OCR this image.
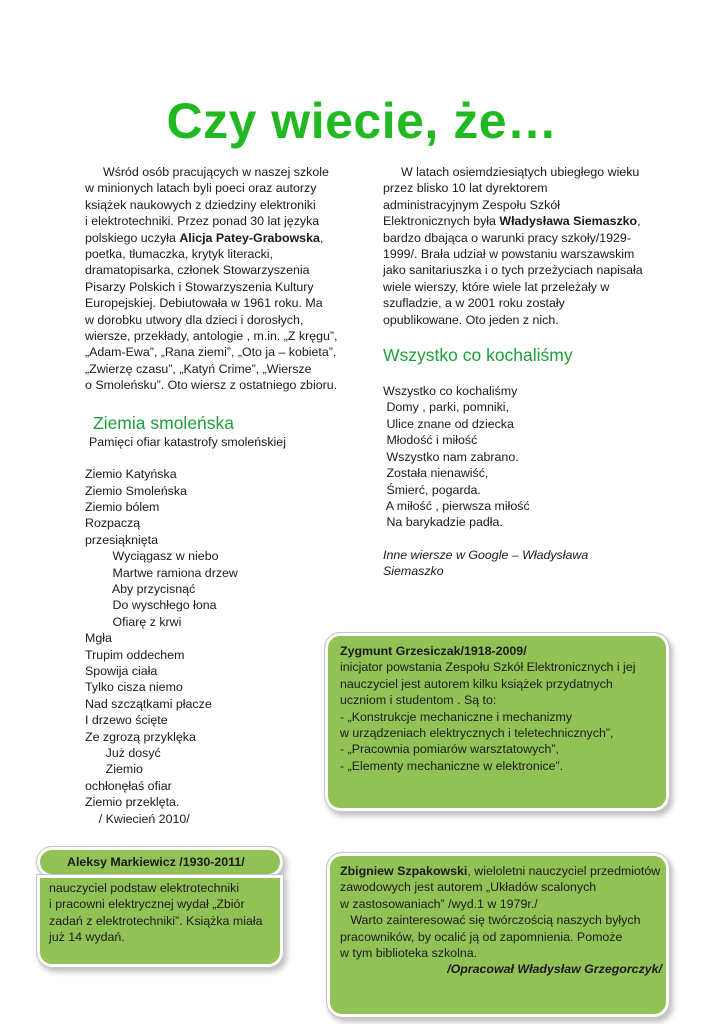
Czy wiecie, że…

Wśród osób pracujących w naszej szkole

w minionych latach byli poeci oraz autorzy

książek naukowych z dziedziny elektroniki

i elektrotechniki. Przez ponad 30 lat języka

polskiego uczyła Alicja Patey-Grabowska,

poetka, tłumaczka, krytyk literacki,

dramatopisarka, członek Stowarzyszenia

Pisarzy Polskich i Stowarzyszenia Kultury

Europejskiej. Debiutowała w 1961 roku. Ma

w dorobku utwory dla dzieci i dorosłych,

wiersze, przekłady, antologie , m.in. „Z kręgu”,

„Adam-Ewa”, „Rana ziemi”, „Oto ja – kobieta”,

„Zwierzę czasu”, „Katyń Crime”, „Wiersze

o Smoleńsku”. Oto wiersz z ostatniego zbioru.

Ziemia smoleńska

Pamięci ofiar katastrofy smoleńskiej

Ziemio Katyńska

Ziemio Smoleńska

Ziemio bólem

Rozpaczą

przesiąknięta

Wyciągasz w niebo

Martwe ramiona drzew

Aby przycisnąć

Do wyschłego łona

Ofiarę z krwi

Mgła

Trupim oddechem

Spowija ciała

Tylko cisza niemo

Nad szczątkami płacze

I drzewo ścięte

Ze zgrozą przyklęka

Już dosyć

Ziemio

ochłonęłaś ofiar

Ziemio przeklęta.

/ Kwiecień 2010/

W latach osiemdziesiątych ubiegłego wieku

przez blisko 10 lat dyrektorem

administracyjnym Zespołu Szkół

Elektronicznych była Władysława Siemaszko,

bardzo dbająca o warunki pracy szkoły/1929-

1999/. Brała udział w powstaniu warszawskim

jako sanitariuszka i o tych przeżyciach napisała

wiele wierszy, które wiele lat przeleżały w

szufladzie, a w 2001 roku zostały

opublikowane. Oto jeden z nich.

Wszystko co kochaliśmy

Wszystko co kochaliśmy

Domy , parki, pomniki,

Ulice znane od dziecka

Młodość i miłość

Wszystko nam zabrano.

Została nienawiść,

Śmierć, pogarda.

A miłość , pierwsza miłość

Na barykadzie padła.

Inne wiersze w Google – Władysława

Siemaszko

Zygmunt Grzesiczak/1918-2009/

inicjator powstania Zespołu Szkół Elektronicznych i jej

nauczyciel jest autorem kilku książek przydatnych

uczniom i studentom . Są to:

- „Konstrukcje mechaniczne i mechanizmy

w urządzeniach elektrycznych i teletechnicznych”,

- „Pracownia pomiarów warsztatowych”,

- „Elementy mechaniczne w elektronice”.

Aleksy Markiewicz /1930-2011/

nauczyciel podstaw elektrotechniki

i pracowni elektrycznej wydał „Zbiór

zadań z elektrotechniki”. Książka miała

już 14 wydań.

Zbigniew Szpakowski, wieloletni nauczyciel przedmiotów

zawodowych jest autorem „Układów scalonych

w zastosowaniach” /wyd.1 w 1979r./

Warto zainteresować się twórczością naszych byłych

pracowników, by ocalić ją od zapomnienia. Pomoże

w tym biblioteka szkolna.

/Opracował Władysław Grzegorczyk/
